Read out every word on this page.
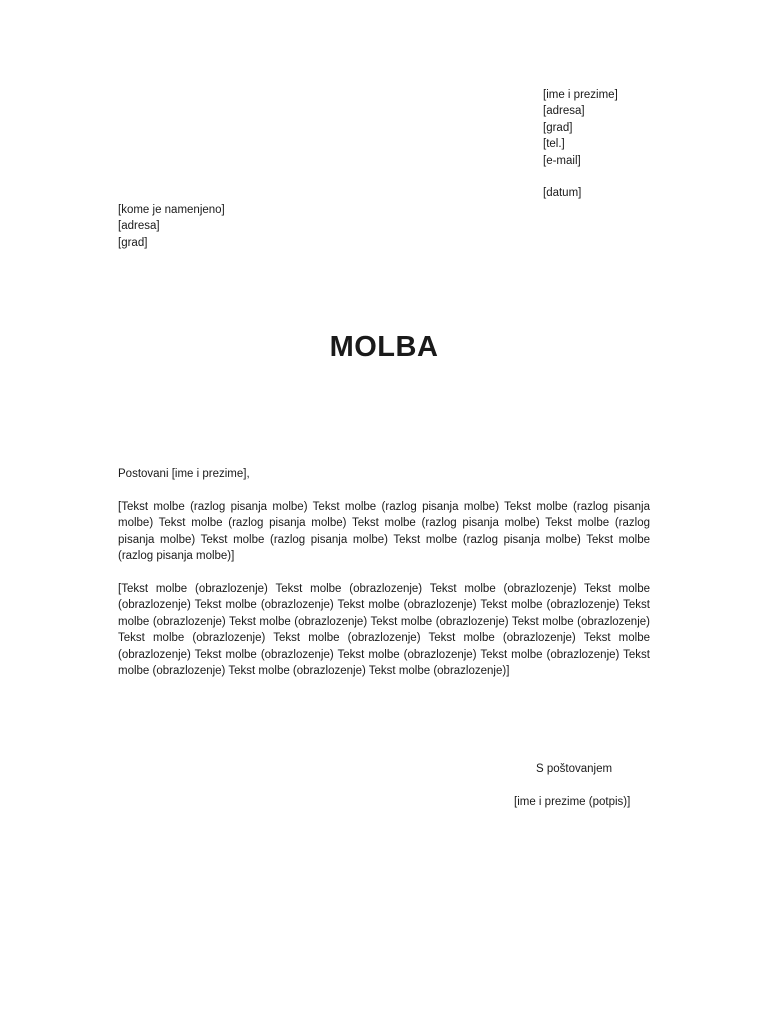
[ime i prezime]
[adresa]
[grad]
[tel.]
[e-mail]
[datum]
[kome je namenjeno]
[adresa]
[grad]
MOLBA
Postovani [ime i prezime],
[Tekst molbe (razlog pisanja molbe) Tekst molbe (razlog pisanja molbe) Tekst molbe (razlog pisanja molbe) Tekst molbe (razlog pisanja molbe) Tekst molbe (razlog pisanja molbe) Tekst molbe (razlog pisanja molbe) Tekst molbe (razlog pisanja molbe) Tekst molbe (razlog pisanja molbe) Tekst molbe (razlog pisanja molbe)]
[Tekst molbe (obrazlozenje) Tekst molbe (obrazlozenje) Tekst molbe (obrazlozenje) Tekst molbe (obrazlozenje) Tekst molbe (obrazlozenje) Tekst molbe (obrazlozenje) Tekst molbe (obrazlozenje) Tekst molbe (obrazlozenje) Tekst molbe (obrazlozenje) Tekst molbe (obrazlozenje) Tekst molbe (obrazlozenje) Tekst molbe (obrazlozenje) Tekst molbe (obrazlozenje) Tekst molbe (obrazlozenje) Tekst molbe (obrazlozenje) Tekst molbe (obrazlozenje) Tekst molbe (obrazlozenje) Tekst molbe (obrazlozenje) Tekst molbe (obrazlozenje) Tekst molbe (obrazlozenje) Tekst molbe (obrazlozenje)]
S poštovanjem
[ime i prezime (potpis)]
